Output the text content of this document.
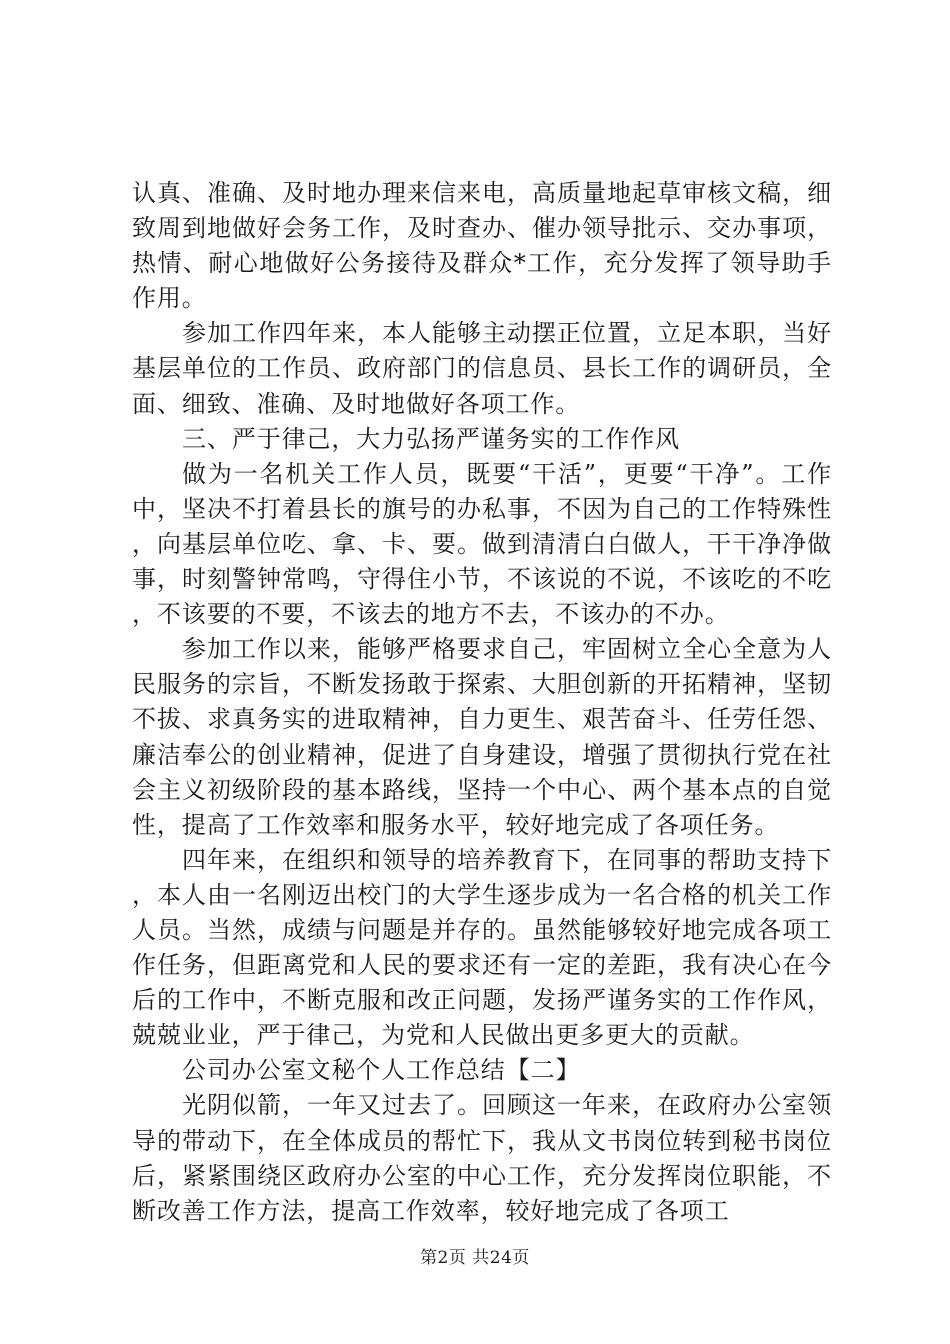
认真、准确、及时地办理来信来电，高质量地起草审核文稿，细致周到地做好会务工作，及时查办、催办领导批示、交办事项，热情、耐心地做好公务接待及群众*工作，充分发挥了领导助手作用。

参加工作四年来，本人能够主动摆正位置，立足本职，当好基层单位的工作员、政府部门的信息员、县长工作的调研员，全面、细致、准确、及时地做好各项工作。

三、严于律己，大力弘扬严谨务实的工作作风

做为一名机关工作人员，既要“干活”，更要“干净”。工作中，坚决不打着县长的旗号的办私事，不因为自己的工作特殊性，向基层单位吃、拿、卡、要。做到清清白白做人，干干净净做事，时刻警钟常鸣，守得住小节，不该说的不说，不该吃的不吃，不该要的不要，不该去的地方不去，不该办的不办。

参加工作以来，能够严格要求自己，牢固树立全心全意为人民服务的宗旨，不断发扬敢于探索、大胆创新的开拓精神，坚韧不拔、求真务实的进取精神，自力更生、艰苦奋斗、任劳任怨、廉洁奉公的创业精神，促进了自身建设，增强了贯彻执行党在社会主义初级阶段的基本路线，坚持一个中心、两个基本点的自觉性，提高了工作效率和服务水平，较好地完成了各项任务。

四年来，在组织和领导的培养教育下，在同事的帮助支持下，本人由一名刚迈出校门的大学生逐步成为一名合格的机关工作人员。当然，成绩与问题是并存的。虽然能够较好地完成各项工作任务，但距离党和人民的要求还有一定的差距，我有决心在今后的工作中，不断克服和改正问题，发扬严谨务实的工作作风，兢兢业业，严于律己，为党和人民做出更多更大的贡献。

公司办公室文秘个人工作总结【二】

光阴似箭，一年又过去了。回顾这一年来，在政府办公室领导的带动下，在全体成员的帮忙下，我从文书岗位转到秘书岗位后，紧紧围绕区政府办公室的中心工作，充分发挥岗位职能，不断改善工作方法，提高工作效率，较好地完成了各项工

第2页 共24页
